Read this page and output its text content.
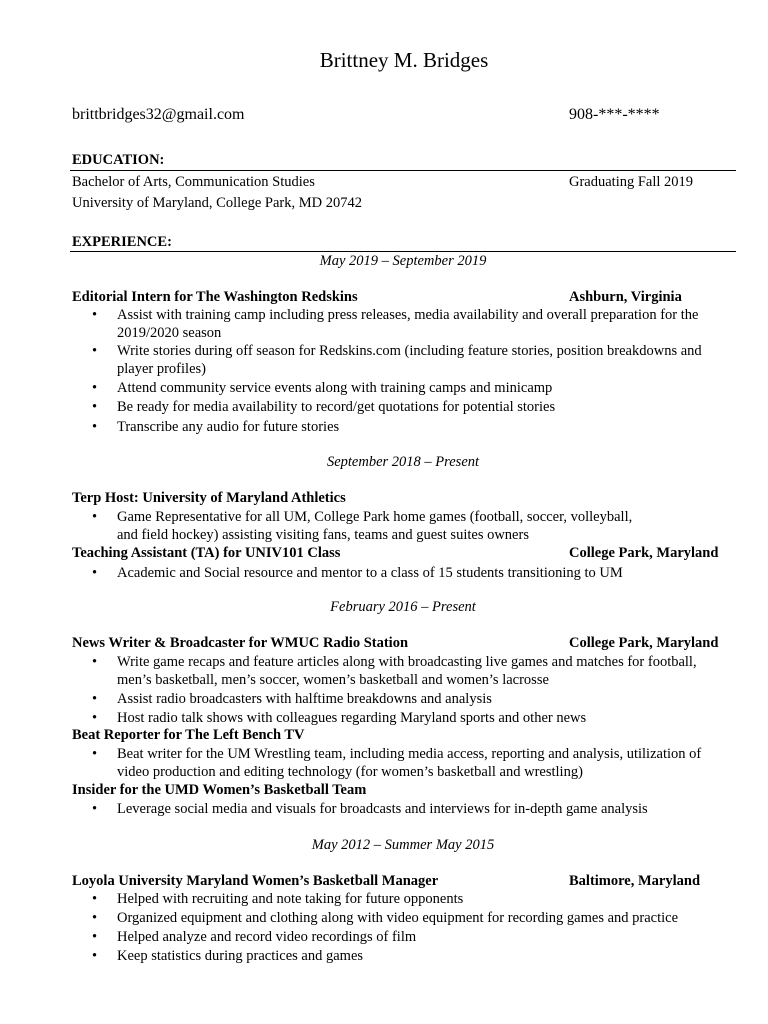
Brittney M. Bridges
brittbridges32@gmail.com	908-***-****
EDUCATION:
Bachelor of Arts, Communication Studies	Graduating Fall 2019
University of Maryland, College Park, MD 20742
EXPERIENCE:
May 2019 – September 2019
September 2018 – Present
February 2016 – Present
May 2012 – Summer May 2015
Editorial Intern for The Washington Redskins	Ashburn, Virginia
• Assist with training camp including press releases, media availability and overall preparation for the
2019/2020 season
• Write stories during off season for Redskins.com (including feature stories, position breakdowns and
player profiles)
• Attend community service events along with training camps and minicamp
• Be ready for media availability to record/get quotations for potential stories
• Transcribe any audio for future stories
Terp Host: University of Maryland Athletics
• Game Representative for all UM, College Park home games (football, soccer, volleyball,
and field hockey) assisting visiting fans, teams and guest suites owners
Teaching Assistant (TA) for UNIV101 Class	College Park, Maryland
• Academic and Social resource and mentor to a class of 15 students transitioning to UM
News Writer & Broadcaster for WMUC Radio Station	College Park, Maryland
• Write game recaps and feature articles along with broadcasting live games and matches for football,
men’s basketball, men’s soccer, women’s basketball and women’s lacrosse
• Assist radio broadcasters with halftime breakdowns and analysis
• Host radio talk shows with colleagues regarding Maryland sports and other news
Beat Reporter for The Left Bench TV
• Beat writer for the UM Wrestling team, including media access, reporting and analysis, utilization of
video production and editing technology (for women’s basketball and wrestling)
Insider for the UMD Women’s Basketball Team
• Leverage social media and visuals for broadcasts and interviews for in-depth game analysis
Loyola University Maryland Women’s Basketball Manager	Baltimore, Maryland
• Helped with recruiting and note taking for future opponents
• Organized equipment and clothing along with video equipment for recording games and practice
• Helped analyze and record video recordings of film
• Keep statistics during practices and games
